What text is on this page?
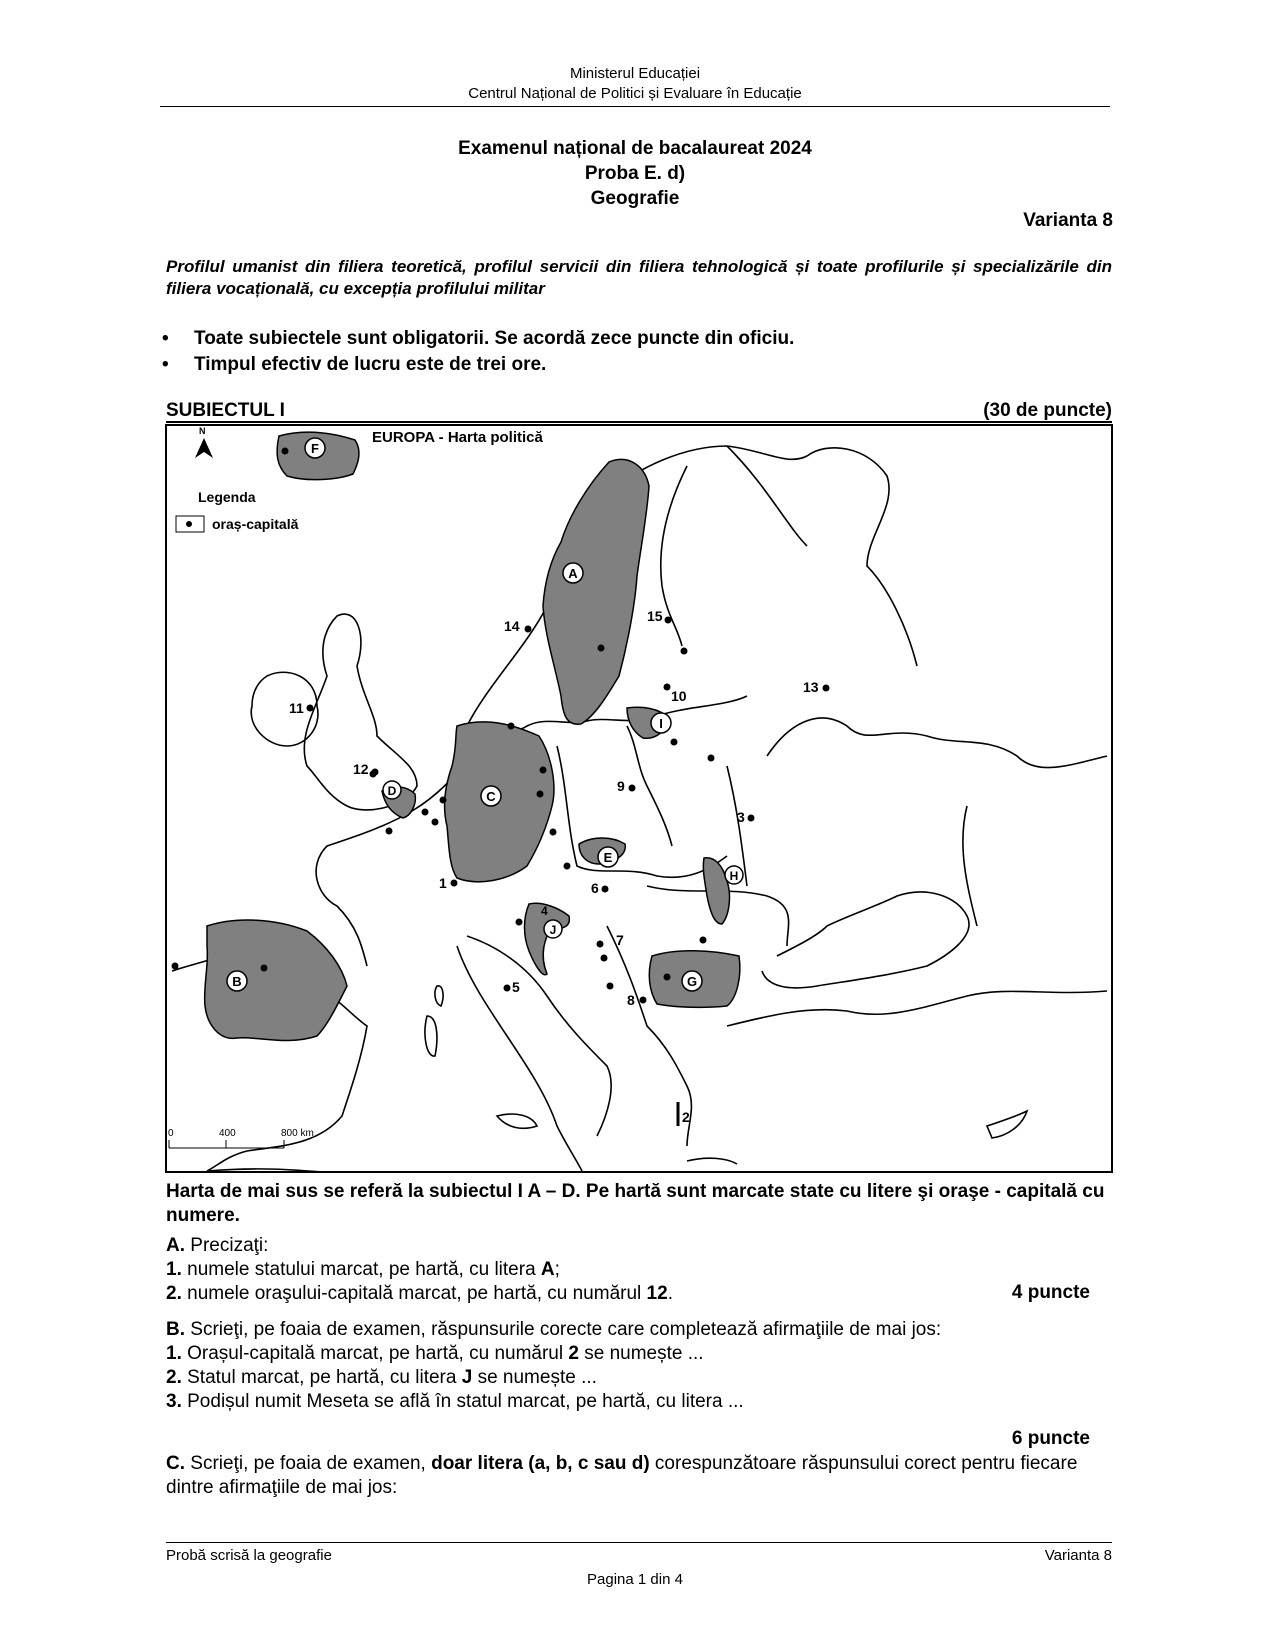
Ministerul Educației
Centrul Național de Politici și Evaluare în Educație
Examenul național de bacalaureat 2024
Proba E. d)
Geografie
Varianta 8
Profilul umanist din filiera teoretică, profilul servicii din filiera tehnologică și toate profilurile și specializările din filiera vocațională, cu excepția profilului militar
•	Toate subiectele sunt obligatorii. Se acordă zece puncte din oficiu.
•	Timpul efectiv de lucru este de trei ore.
SUBIECTUL I	(30 de puncte)
N	EUROPA - Harta politică
Legenda
oraș-capitală
0	400	800 km
1
2
3
4
5
6
7
8
9
10
11
12
13
14
15
A
B
C
D
E
F
G
H
I
J
Harta de mai sus se referă la subiectul I A – D. Pe hartă sunt marcate state cu litere şi oraşe - capitală cu numere.
A. Precizaţi:
1. numele statului marcat, pe hartă, cu litera A;
2. numele oraşului-capitală marcat, pe hartă, cu numărul 12.	4 puncte
B. Scrieţi, pe foaia de examen, răspunsurile corecte care completează afirmaţiile de mai jos:
1. Orașul-capitală marcat, pe hartă, cu numărul 2 se numește ...
2. Statul marcat, pe hartă, cu litera J se numește ...
3. Podișul numit Meseta se află în statul marcat, pe hartă, cu litera ...
6 puncte
C. Scrieţi, pe foaia de examen, doar litera (a, b, c sau d) corespunzătoare răspunsului corect pentru fiecare dintre afirmaţiile de mai jos:
Probă scrisă la geografie	Varianta 8
Pagina 1 din 4
